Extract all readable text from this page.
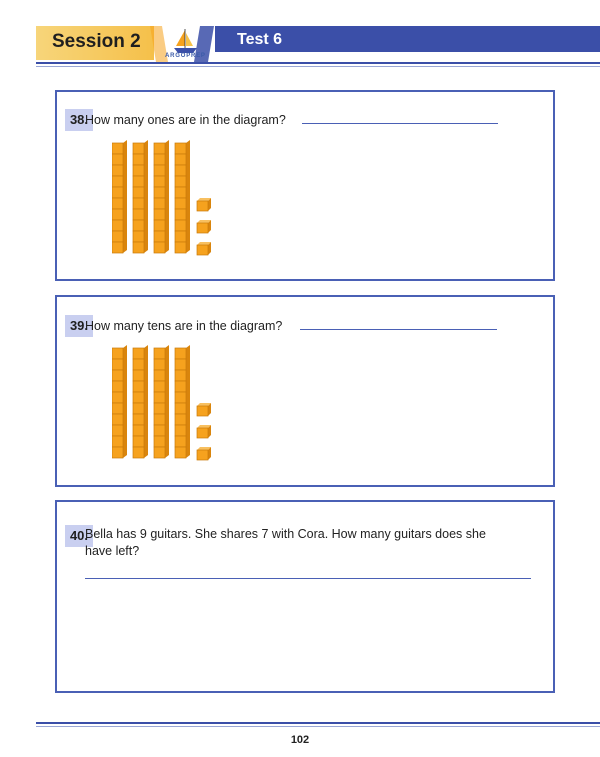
Session 2
ARGOPREP
Test 6
38.
How many ones are in the diagram?
39.
How many tens are in the diagram?
40.
Bella has 9 guitars. She shares 7 with Cora. How many guitars does she have left?
102
